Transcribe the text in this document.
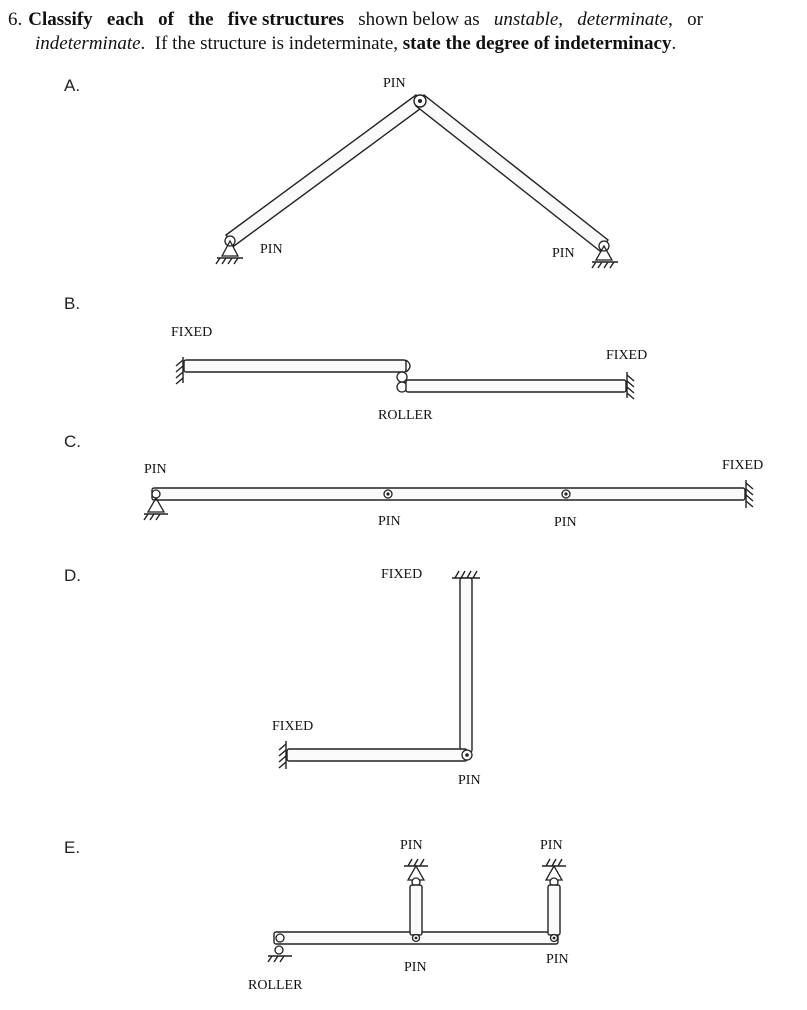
6. Classify each of the five structures shown below as unstable,   determinate,   or
indeterminate.  If the structure is indeterminate, state the degree of indeterminacy.
A.
B.
C.
D.
E.
PIN
PIN	PIN
FIXED
FIXED
ROLLER
PIN	FIXED
PIN	PIN
FIXED
FIXED
PIN
PIN	PIN
PIN
PIN
ROLLER
